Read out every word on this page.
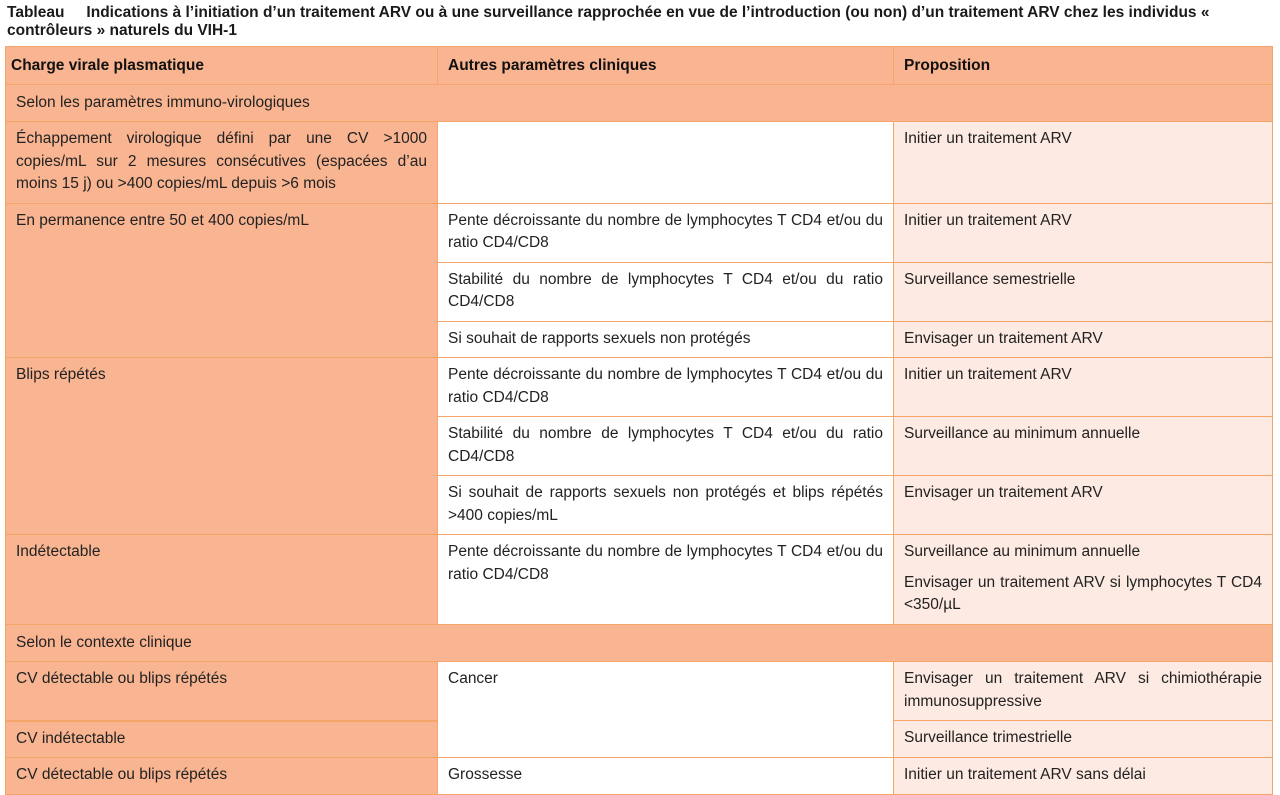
Tableau Indications à l’initiation d’un traitement ARV ou à une surveillance rapprochée en vue de l’introduction (ou non) d’un traitement ARV chez les individus « contrôleurs » naturels du VIH-1
Charge virale plasmatique	Autres paramètres cliniques	Proposition
Selon les paramètres immuno-virologiques		
Échappement virologique défini par une CV >1000 copies/mL sur 2 mesures consécutives (espacées d’au moins 15 j) ou >400 copies/mL depuis >6 mois		Initier un traitement ARV
En permanence entre 50 et 400 copies/mL	Pente décroissante du nombre de lymphocytes T CD4 et/ou du ratio CD4/CD8	Initier un traitement ARV
	Stabilité du nombre de lymphocytes T CD4 et/ou du ratio CD4/CD8	Surveillance semestrielle
	Si souhait de rapports sexuels non protégés	Envisager un traitement ARV
Blips répétés	Pente décroissante du nombre de lymphocytes T CD4 et/ou du ratio CD4/CD8	Initier un traitement ARV
	Stabilité du nombre de lymphocytes T CD4 et/ou du ratio CD4/CD8	Surveillance au minimum annuelle
	Si souhait de rapports sexuels non protégés et blips répétés >400 copies/mL	Envisager un traitement ARV
Indétectable	Pente décroissante du nombre de lymphocytes T CD4 et/ou du ratio CD4/CD8	Surveillance au minimum annuelle
Envisager un traitement ARV si lymphocytes T CD4 <350/µL

Selon le contexte clinique		
CV détectable ou blips répétés	Cancer	Envisager un traitement ARV si chimiothérapie immunosuppressive
CV indétectable		Surveillance trimestrielle
CV détectable ou blips répétés	Grossesse	Initier un traitement ARV sans délai
